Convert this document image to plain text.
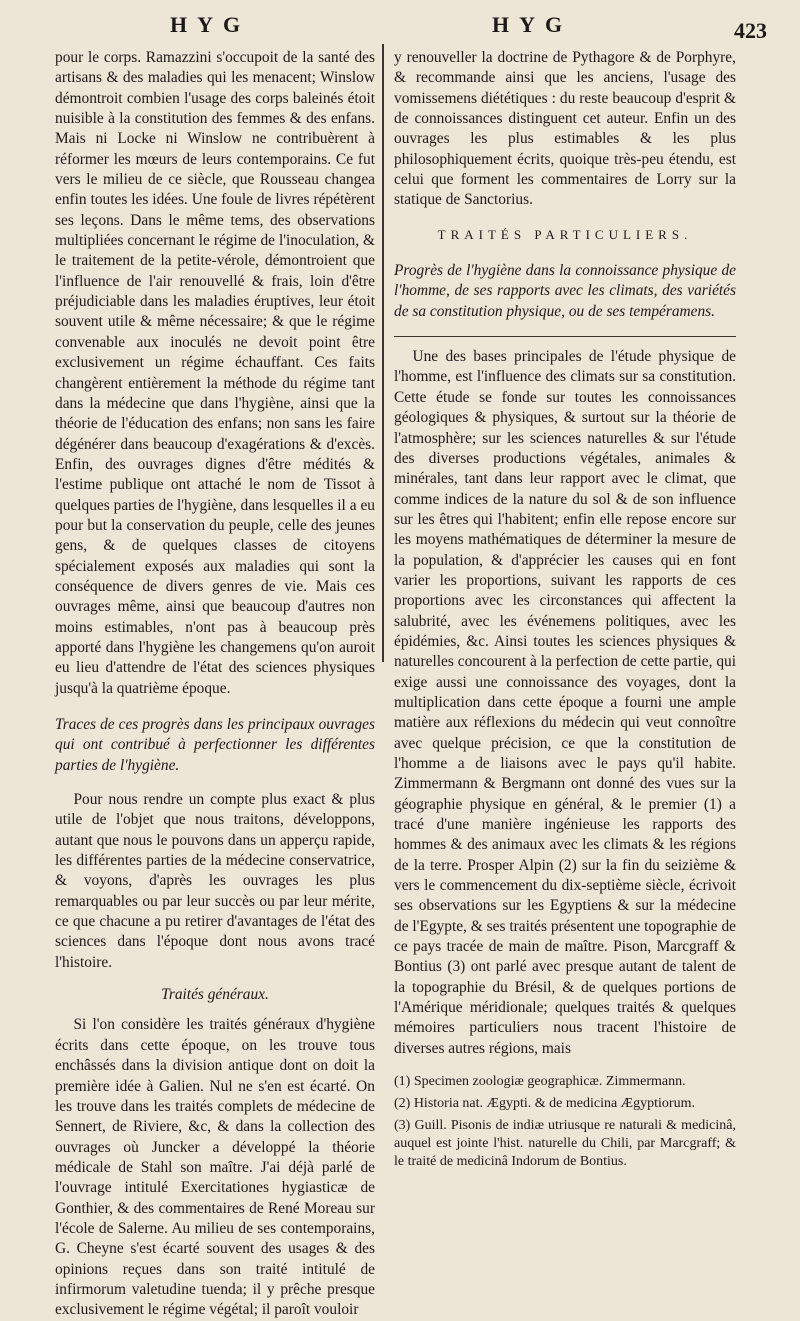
HYG	HYG	423

pour le corps. Ramazzini s'occupoit de la santé des artisans & des maladies qui les menacent; Winslow démontroit combien l'usage des corps baleinés étoit nuisible à la constitution des femmes & des enfans. Mais ni Locke ni Winslow ne contribuèrent à réformer les mœurs de leurs contemporains. Ce fut vers le milieu de ce siècle, que Rousseau changea enfin toutes les idées. Une foule de livres répétèrent ses leçons. Dans le même tems, des observations multipliées concernant le régime de l'inoculation, & le traitement de la petite-vérole, démontroient que l'influence de l'air renouvellé & frais, loin d'être préjudiciable dans les maladies éruptives, leur étoit souvent utile & même nécessaire; & que le régime convenable aux inoculés ne devoit point être exclusivement un régime échauffant. Ces faits changèrent entièrement la méthode du régime tant dans la médecine que dans l'hygiène, ainsi que la théorie de l'éducation des enfans; non sans les faire dégénérer dans beaucoup d'exagérations & d'excès. Enfin, des ouvrages dignes d'être médités & l'estime publique ont attaché le nom de Tissot à quelques parties de l'hygiène, dans lesquelles il a eu pour but la conservation du peuple, celle des jeunes gens, & de quelques classes de citoyens spécialement exposés aux maladies qui sont la conséquence de divers genres de vie. Mais ces ouvrages même, ainsi que beaucoup d'autres non moins estimables, n'ont pas à beaucoup près apporté dans l'hygiène les changemens qu'on auroit eu lieu d'attendre de l'état des sciences physiques jusqu'à la quatrième époque.

Traces de ces progrès dans les principaux ouvrages qui ont contribué à perfectionner les différentes parties de l'hygiène.

Pour nous rendre un compte plus exact & plus utile de l'objet que nous traitons, développons, autant que nous le pouvons dans un apperçu rapide, les différentes parties de la médecine conservatrice, & voyons, d'après les ouvrages les plus remarquables ou par leur succès ou par leur mérite, ce que chacune a pu retirer d'avantages de l'état des sciences dans l'époque dont nous avons tracé l'histoire.

Traités généraux.

Si l'on considère les traités généraux d'hygiène écrits dans cette époque, on les trouve tous enchâssés dans la division antique dont on doit la première idée à Galien. Nul ne s'en est écarté. On les trouve dans les traités complets de médecine de Sennert, de Riviere, &c, & dans la collection des ouvrages où Juncker a développé la théorie médicale de Stahl son maître. J'ai déjà parlé de l'ouvrage intitulé Exercitationes hygiasticæ de Gonthier, & des commentaires de René Moreau sur l'école de Salerne. Au milieu de ses contemporains, G. Cheyne s'est écarté souvent des usages & des opinions reçues dans son traité intitulé de infirmorum valetudine tuenda; il y prêche presque exclusivement le régime végétal; il paroît vouloir

y renouveller la doctrine de Pythagore & de Porphyre, & recommande ainsi que les anciens, l'usage des vomissemens diététiques : du reste beaucoup d'esprit & de connoissances distinguent cet auteur. Enfin un des ouvrages les plus estimables & les plus philosophiquement écrits, quoique très-peu étendu, est celui que forment les commentaires de Lorry sur la statique de Sanctorius.

TRAITÉS PARTICULIERS.

Progrès de l'hygiène dans la connoissance physique de l'homme, de ses rapports avec les climats, des variétés de sa constitution physique, ou de ses tempéramens.

Une des bases principales de l'étude physique de l'homme, est l'influence des climats sur sa constitution. Cette étude se fonde sur toutes les connoissances géologiques & physiques, & surtout sur la théorie de l'atmosphère; sur les sciences naturelles & sur l'étude des diverses productions végétales, animales & minérales, tant dans leur rapport avec le climat, que comme indices de la nature du sol & de son influence sur les êtres qui l'habitent; enfin elle repose encore sur les moyens mathématiques de déterminer la mesure de la population, & d'apprécier les causes qui en font varier les proportions, suivant les rapports de ces proportions avec les circonstances qui affectent la salubrité, avec les événemens politiques, avec les épidémies, &c. Ainsi toutes les sciences physiques & naturelles concourent à la perfection de cette partie, qui exige aussi une connoissance des voyages, dont la multiplication dans cette époque a fourni une ample matière aux réflexions du médecin qui veut connoître avec quelque précision, ce que la constitution de l'homme a de liaisons avec le pays qu'il habite. Zimmermann & Bergmann ont donné des vues sur la géographie physique en général, & le premier (1) a tracé d'une manière ingénieuse les rapports des hommes & des animaux avec les climats & les régions de la terre. Prosper Alpin (2) sur la fin du seizième & vers le commencement du dix-septième siècle, écrivoit ses observations sur les Egyptiens & sur la médecine de l'Egypte, & ses traités présentent une topographie de ce pays tracée de main de maître. Pison, Marcgraff & Bontius (3) ont parlé avec presque autant de talent de la topographie du Brésil, & de quelques portions de l'Amérique méridionale; quelques traités & quelques mémoires particuliers nous tracent l'histoire de diverses autres régions, mais

(1) Specimen zoologiæ geographicæ. Zimmermann.

(2) Historia nat. Ægypti. & de medicina Ægyptiorum.

(3) Guill. Pisonis de indiæ utriusque re naturali & medicinâ, auquel est jointe l'hist. naturelle du Chili, par Marcgraff; & le traité de medicinâ Indorum de Bontius.
